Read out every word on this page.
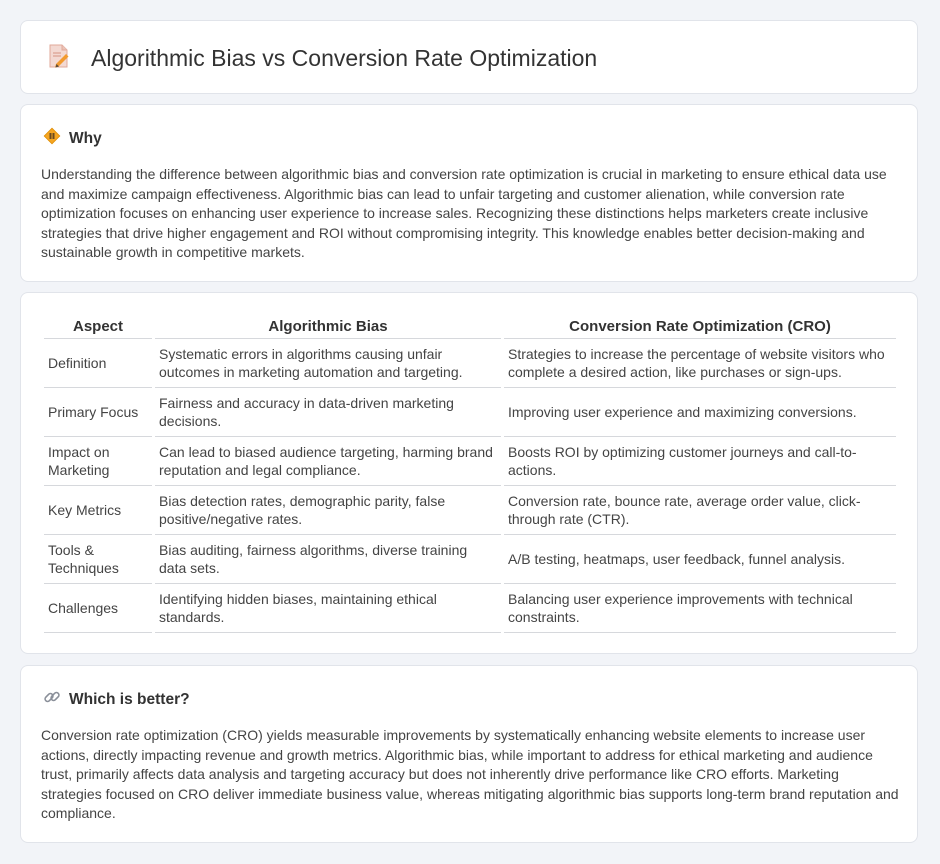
Algorithmic Bias vs Conversion Rate Optimization
Why

Understanding the difference between algorithmic bias and conversion rate optimization is crucial in marketing to ensure ethical data use and maximize campaign effectiveness. Algorithmic bias can lead to unfair targeting and customer alienation, while conversion rate optimization focuses on enhancing user experience to increase sales. Recognizing these distinctions helps marketers create inclusive strategies that drive higher engagement and ROI without compromising integrity. This knowledge enables better decision-making and sustainable growth in competitive markets.

Aspect	Algorithmic Bias	Conversion Rate Optimization (CRO)
Definition	Systematic errors in algorithms causing unfair outcomes in marketing automation and targeting.	Strategies to increase the percentage of website visitors who complete a desired action, like purchases or sign-ups.
Primary Focus	Fairness and accuracy in data-driven marketing decisions.	Improving user experience and maximizing conversions.
Impact on Marketing	Can lead to biased audience targeting, harming brand reputation and legal compliance.	Boosts ROI by optimizing customer journeys and call-to-actions.
Key Metrics	Bias detection rates, demographic parity, false positive/negative rates.	Conversion rate, bounce rate, average order value, click-through rate (CTR).
Tools & Techniques	Bias auditing, fairness algorithms, diverse training data sets.	A/B testing, heatmaps, user feedback, funnel analysis.
Challenges	Identifying hidden biases, maintaining ethical standards.	Balancing user experience improvements with technical constraints.
Which is better?

Conversion rate optimization (CRO) yields measurable improvements by systematically enhancing website elements to increase user actions, directly impacting revenue and growth metrics. Algorithmic bias, while important to address for ethical marketing and audience trust, primarily affects data analysis and targeting accuracy but does not inherently drive performance like CRO efforts. Marketing strategies focused on CRO deliver immediate business value, whereas mitigating algorithmic bias supports long-term brand reputation and compliance.
